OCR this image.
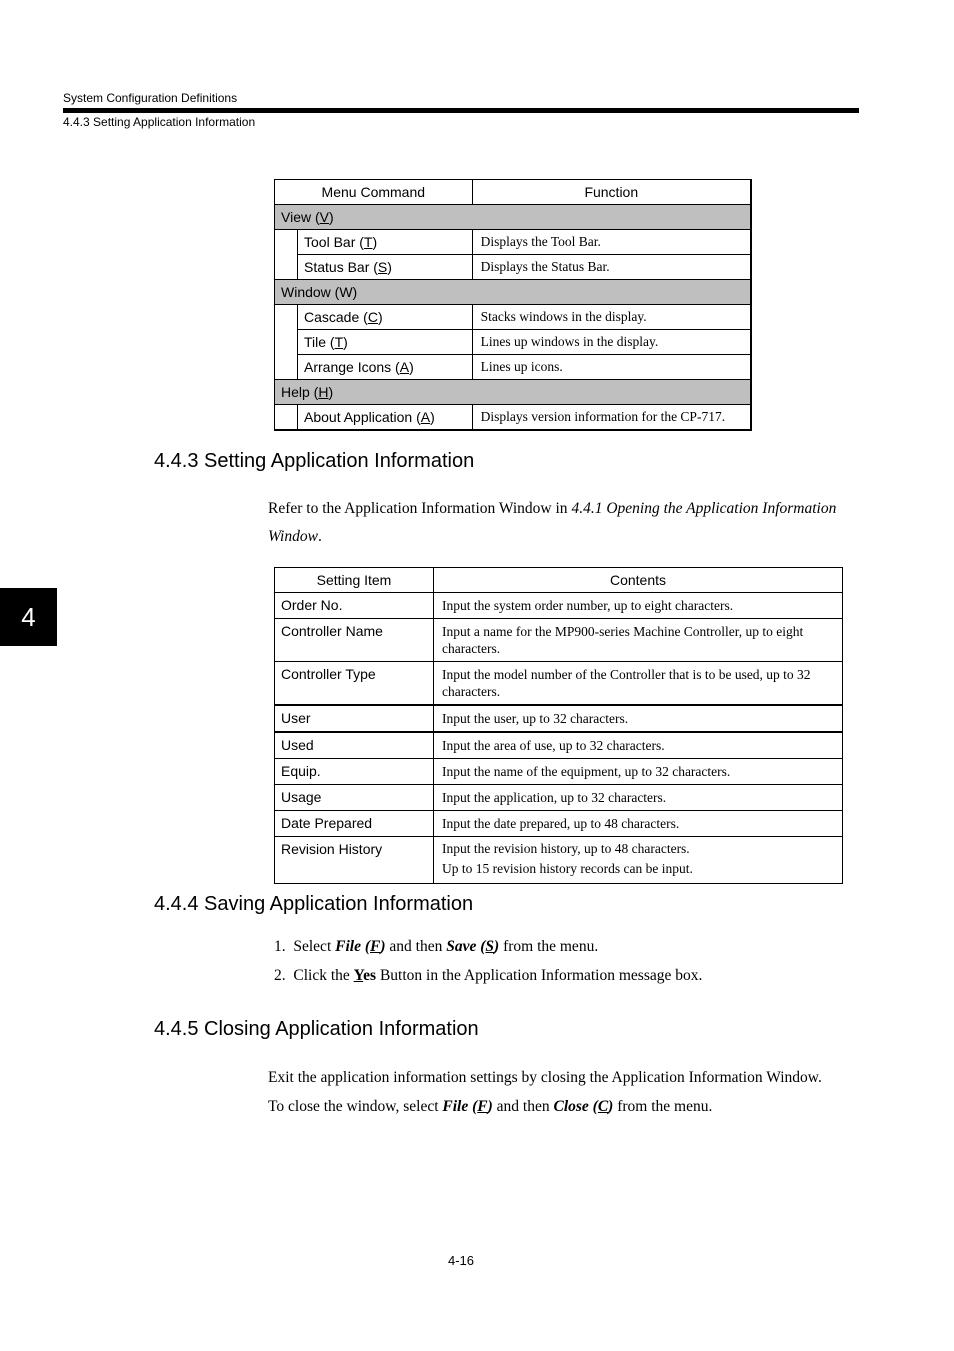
System Configuration Definitions
4.4.3 Setting Application Information
4
Menu Command		Function
View (V)		
	Tool Bar (T)	Displays the Tool Bar.
	Status Bar (S)	Displays the Status Bar.
Window (W)		
	Cascade (C)	Stacks windows in the display.
	Tile (T)	Lines up windows in the display.
	Arrange Icons (A)	Lines up icons.
Help (H)		
	About Application (A)	Displays version information for the CP-717.
4.4.3 Setting Application Information

Refer to the Application Information Window in 4.4.1 Opening the Application Information
Window.

Setting Item	Contents
Order No.	Input the system order number, up to eight characters.
Controller Name	Input a name for the MP900-series Machine Controller, up to eight characters.
Controller Type	Input the model number of the Controller that is to be used, up to 32 characters.
User	Input the user, up to 32 characters.
Used	Input the area of use, up to 32 characters.
Equip.	Input the name of the equipment, up to 32 characters.
Usage	Input the application, up to 32 characters.
Date Prepared	Input the date prepared, up to 48 characters.
Revision History	Input the revision history, up to 48 characters.
Up to 15 revision history records can be input.
4.4.4 Saving Application Information
1. Select File (F) and then Save (S) from the menu.
2. Click the Yes Button in the Application Information message box.
4.4.5 Closing Application Information

Exit the application information settings by closing the Application Information Window.
To close the window, select File (F) and then Close (C) from the menu.

4-16
